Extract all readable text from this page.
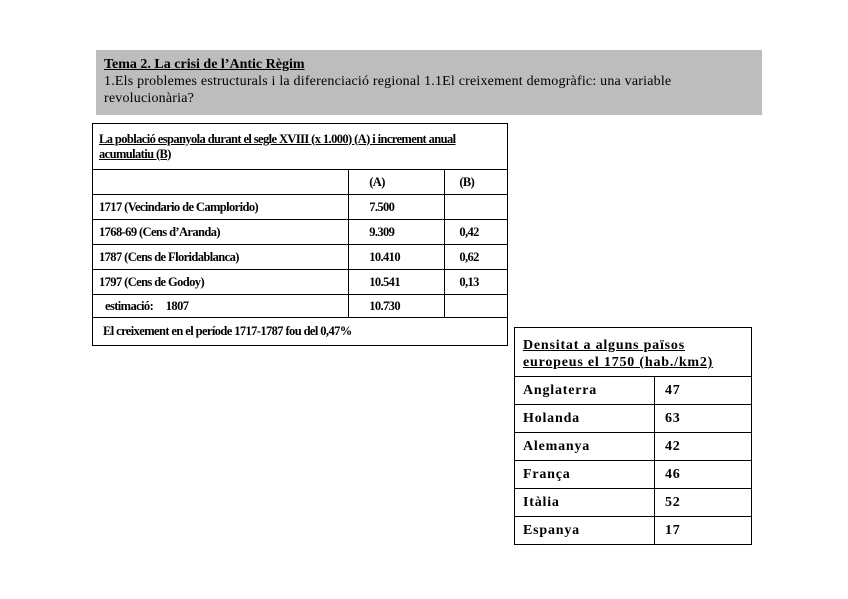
Tema 2. La crisi de l’Antic Règim
1.Els problemes estructurals i la diferenciació regional 1.1El creixement demogràfic: una variable revolucionària?
La població espanyola durant el segle XVIII (x 1.000) (A) i increment anual acumulatiu (B)		
	(A)	(B)
1717 (Vecindario de Camplorido)	7.500	
1768-69 (Cens d’Aranda)	9.309	0,42
1787 (Cens de Floridablanca)	10.410	0,62
1797 (Cens de Godoy)	10.541	0,13
estimació:     1807	10.730	
El creixement en el període 1717-1787 fou del 0,47%		
Densitat a alguns països europeus el 1750 (hab./km2)	
Anglaterra	47
Holanda	63
Alemanya	42
França	46
Itàlia	52
Espanya	17
